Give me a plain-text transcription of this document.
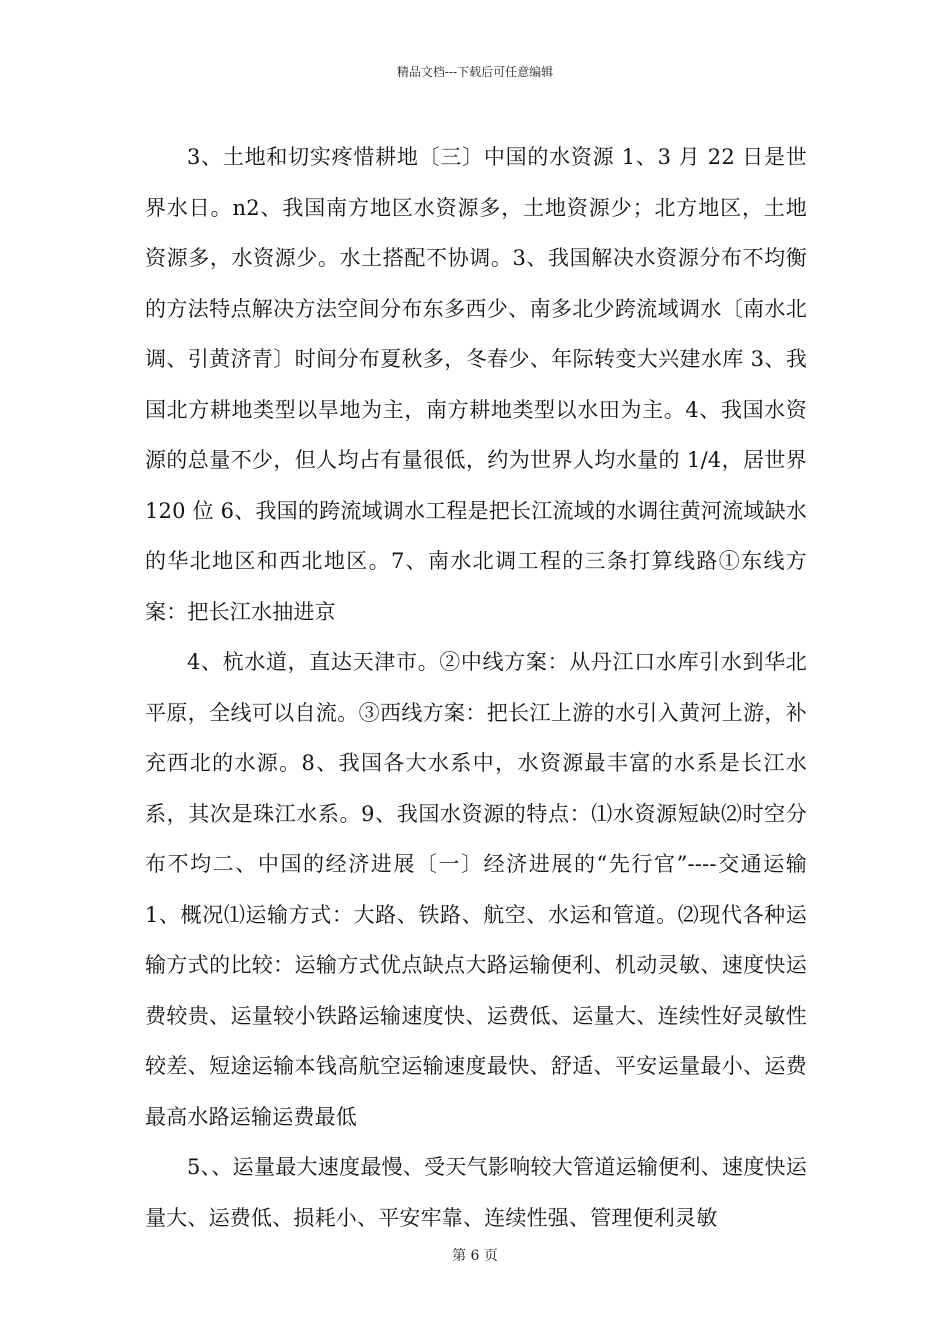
精品文档---下载后可任意编辑

3、土地和切实疼惜耕地〔三〕中国的水资源 1、3 月 22 日是世界水日。n2、我国南方地区水资源多，土地资源少；北方地区，土地资源多，水资源少。水土搭配不协调。3、我国解决水资源分布不均衡的方法特点解决方法空间分布东多西少、南多北少跨流域调水〔南水北调、引黄济青〕时间分布夏秋多，冬春少、年际转变大兴建水库 3、我国北方耕地类型以旱地为主，南方耕地类型以水田为主。4、我国水资源的总量不少，但人均占有量很低，约为世界人均水量的 1/4，居世界 120 位 6、我国的跨流域调水工程是把长江流域的水调往黄河流域缺水的华北地区和西北地区。7、南水北调工程的三条打算线路①东线方案：把长江水抽进京

4、杭水道，直达天津市。②中线方案：从丹江口水库引水到华北平原，全线可以自流。③西线方案：把长江上游的水引入黄河上游，补充西北的水源。8、我国各大水系中，水资源最丰富的水系是长江水系，其次是珠江水系。9、我国水资源的特点：⑴水资源短缺⑵时空分布不均二、中国的经济进展〔一〕经济进展的“先行官”----交通运输 1、概况⑴运输方式：大路、铁路、航空、水运和管道。⑵现代各种运输方式的比较：运输方式优点缺点大路运输便利、机动灵敏、速度快运费较贵、运量较小铁路运输速度快、运费低、运量大、连续性好灵敏性较差、短途运输本钱高航空运输速度最快、舒适、平安运量最小、运费最高水路运输运费最低

5、、运量最大速度最慢、受天气影响较大管道运输便利、速度快运量大、运费低、损耗小、平安牢靠、连续性强、管理便利灵敏

第 6 页
